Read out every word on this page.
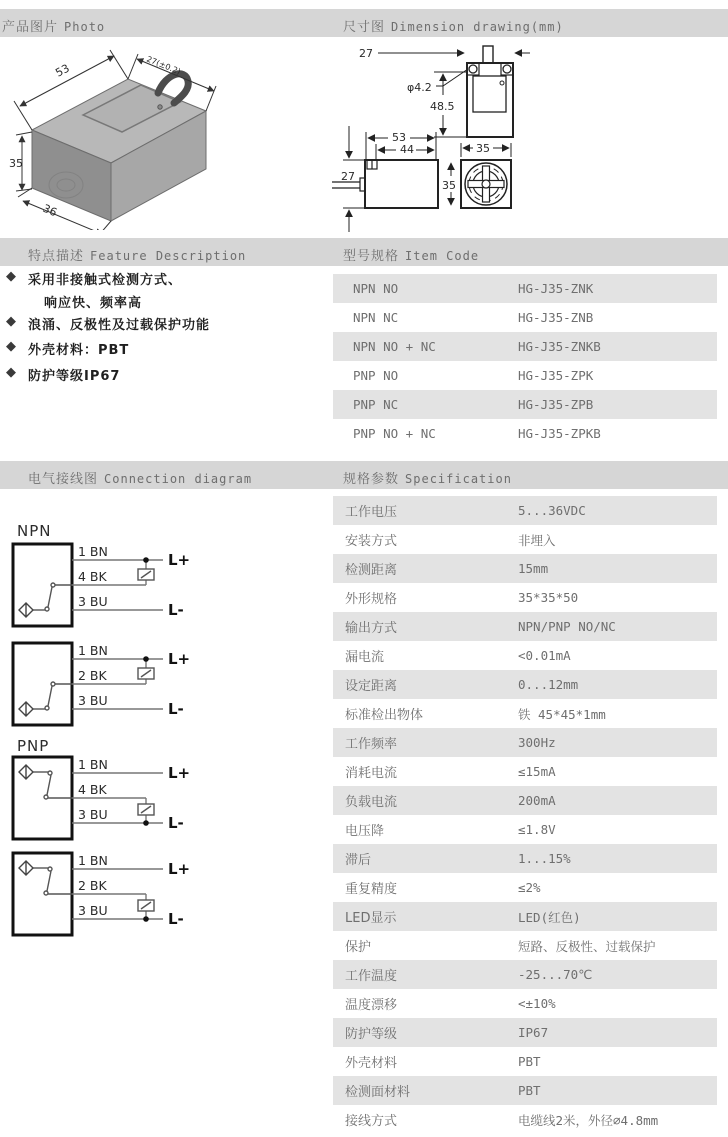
产品图片 Photo	尺寸图 Dimension drawing(mm)
53	27(±0.2)
35
36
27
φ4.2
48.5
53
44
27
35
35
特点描述 Feature Description	型号规格 Item Code
◆ 采用非接触式检测方式、
响应快、频率高
◆ 浪涌、反极性及过载保护功能
◆ 外壳材料：PBT
◆ 防护等级IP67
NPN NO	HG-J35-ZNK
NPN NC	HG-J35-ZNB
NPN NO + NC	HG-J35-ZNKB
PNP NO	HG-J35-ZPK
PNP NC	HG-J35-ZPB
PNP NO + NC	HG-J35-ZPKB
电气接线图 Connection diagram	规格参数 Specification
NPN
1 BN
4 BK
3 BU
L+
L-
1 BN
2 BK
3 BU
L+
L-
PNP
1 BN
4 BK
3 BU
L+
L-
1 BN
2 BK
3 BU
L+
L-
工作电压	5...36VDC
安装方式	非埋入
检测距离	15mm
外形规格	35*35*50
输出方式	NPN/PNP NO/NC
漏电流	<0.01mA
设定距离	0...12mm
标准检出物体	铁 45*45*1mm
工作频率	300Hz
消耗电流	≤15mA
负载电流	200mA
电压降	≤1.8V
滞后	1...15%
重复精度	≤2%
LED显示	LED(红色)
保护	短路、反极性、过载保护
工作温度	-25...70℃
温度漂移	<±10%
防护等级	IP67
外壳材料	PBT
检测面材料	PBT
接线方式	电缆线2米，外径∅4.8mm
